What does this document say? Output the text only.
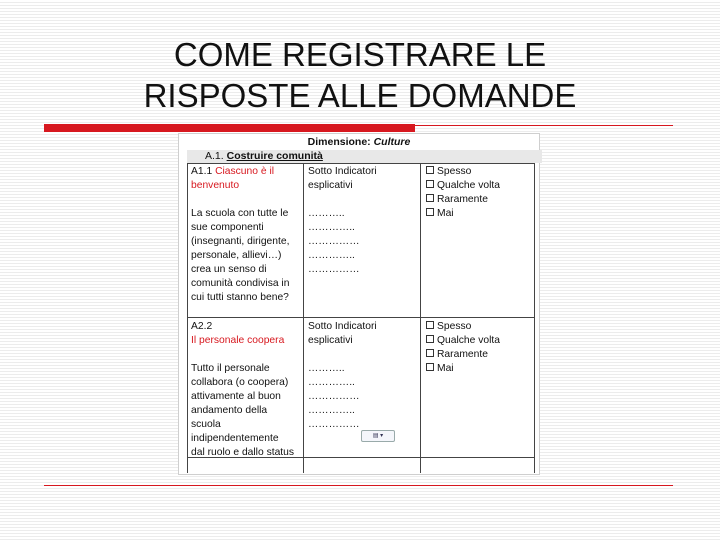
COME REGISTRARE LE
RISPOSTE ALLE DOMANDE
Dimensione: Culture
A.1. Costruire comunità
A1.1 Ciascuno è il benvenuto
La scuola con tutte le
sue componenti
(insegnanti, dirigente,
personale, allievi…)
crea un senso di
comunità condivisa in
cui tutti stanno bene?
Sotto Indicatori
esplicativi
………..
…………..
……………
…………..
……………
Spesso
Qualche volta
Raramente
Mai
A2.2
Il personale coopera
Tutto il personale
collabora (o coopera)
attivamente al buon
andamento della
scuola
indipendentemente
dal ruolo e dallo status
Sotto Indicatori
esplicativi
………..
…………..
……………
…………..
……………
Spesso
Qualche volta
Raramente
Mai
▤ ▾
